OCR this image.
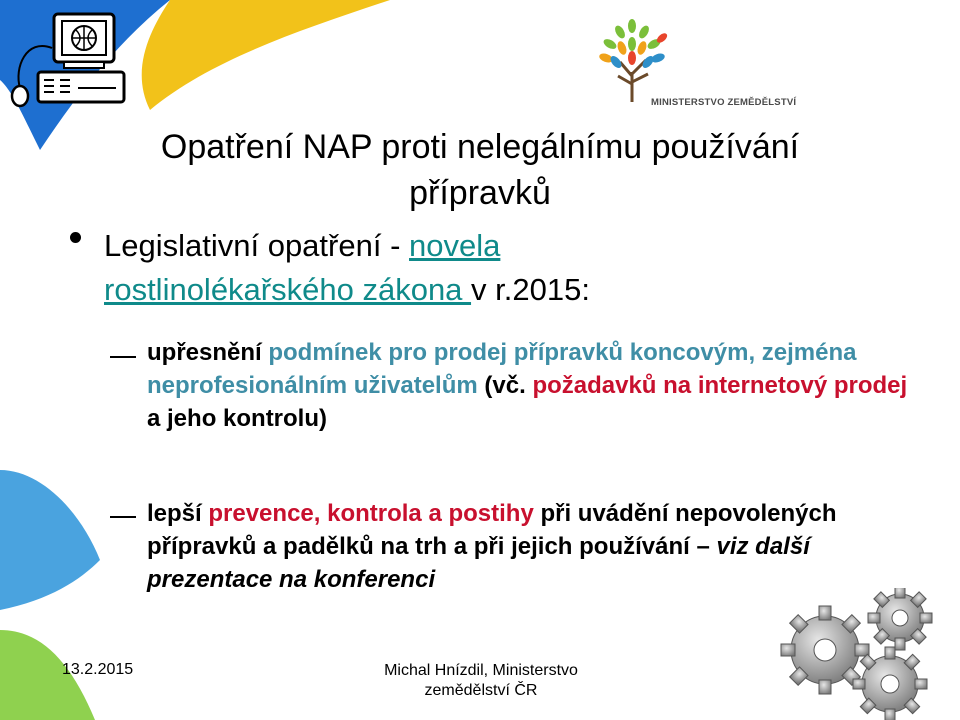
MINISTERSTVO ZEMĚDĚLSTVÍ
Opatření NAP proti nelegálnímu používání
přípravků
Legislativní opatření - novela
rostlinolékařského zákona v r.2015:
upřesnění podmínek pro prodej přípravků koncovým, zejména neprofesionálním uživatelům (vč. požadavků na internetový prodej a jeho kontrolu)
lepší prevence, kontrola a postihy při uvádění nepovolených přípravků a padělků na trh a při jejich používání – viz další prezentace na konferenci
13.2.2015	Michal Hnízdil, Ministerstvo
zemědělství ČR
